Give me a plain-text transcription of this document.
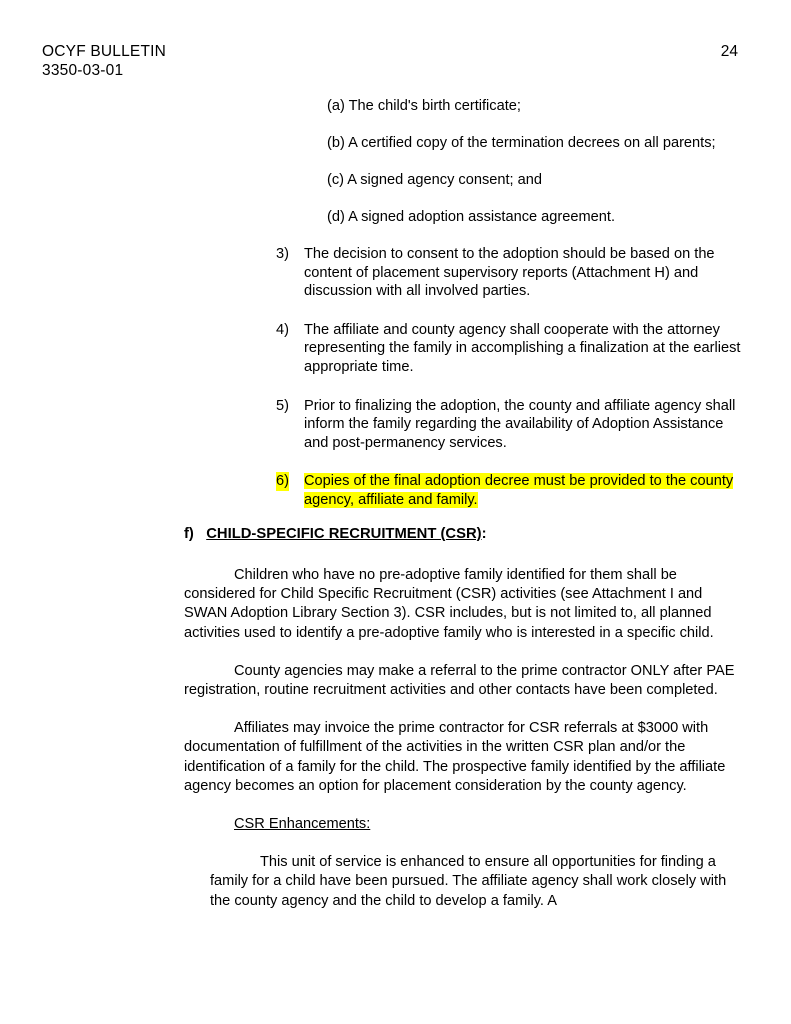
OCYF BULLETIN
3350-03-01
24

(a) The child's birth certificate;

(b) A certified copy of the termination decrees on all parents;

(c) A signed agency consent; and

(d) A signed adoption assistance agreement.

3) The decision to consent to the adoption should be based on the content of placement supervisory reports (Attachment H) and discussion with all involved parties.
4) The affiliate and county agency shall cooperate with the attorney representing the family in accomplishing a finalization at the earliest appropriate time.
5) Prior to finalizing the adoption, the county and affiliate agency shall inform the family regarding the availability of Adoption Assistance and post-permanency services.
6) Copies of the final adoption decree must be provided to the county agency, affiliate and family.
f) CHILD-SPECIFIC RECRUITMENT (CSR):

Children who have no pre-adoptive family identified for them shall be considered for Child Specific Recruitment (CSR) activities (see Attachment I and SWAN Adoption Library Section 3). CSR includes, but is not limited to, all planned activities used to identify a pre-adoptive family who is interested in a specific child.

County agencies may make a referral to the prime contractor ONLY after PAE registration, routine recruitment activities and other contacts have been completed.

Affiliates may invoice the prime contractor for CSR referrals at $3000 with documentation of fulfillment of the activities in the written CSR plan and/or the identification of a family for the child. The prospective family identified by the affiliate agency becomes an option for placement consideration by the county agency.

CSR Enhancements:

This unit of service is enhanced to ensure all opportunities for finding a family for a child have been pursued. The affiliate agency shall work closely with the county agency and the child to develop a family. A
